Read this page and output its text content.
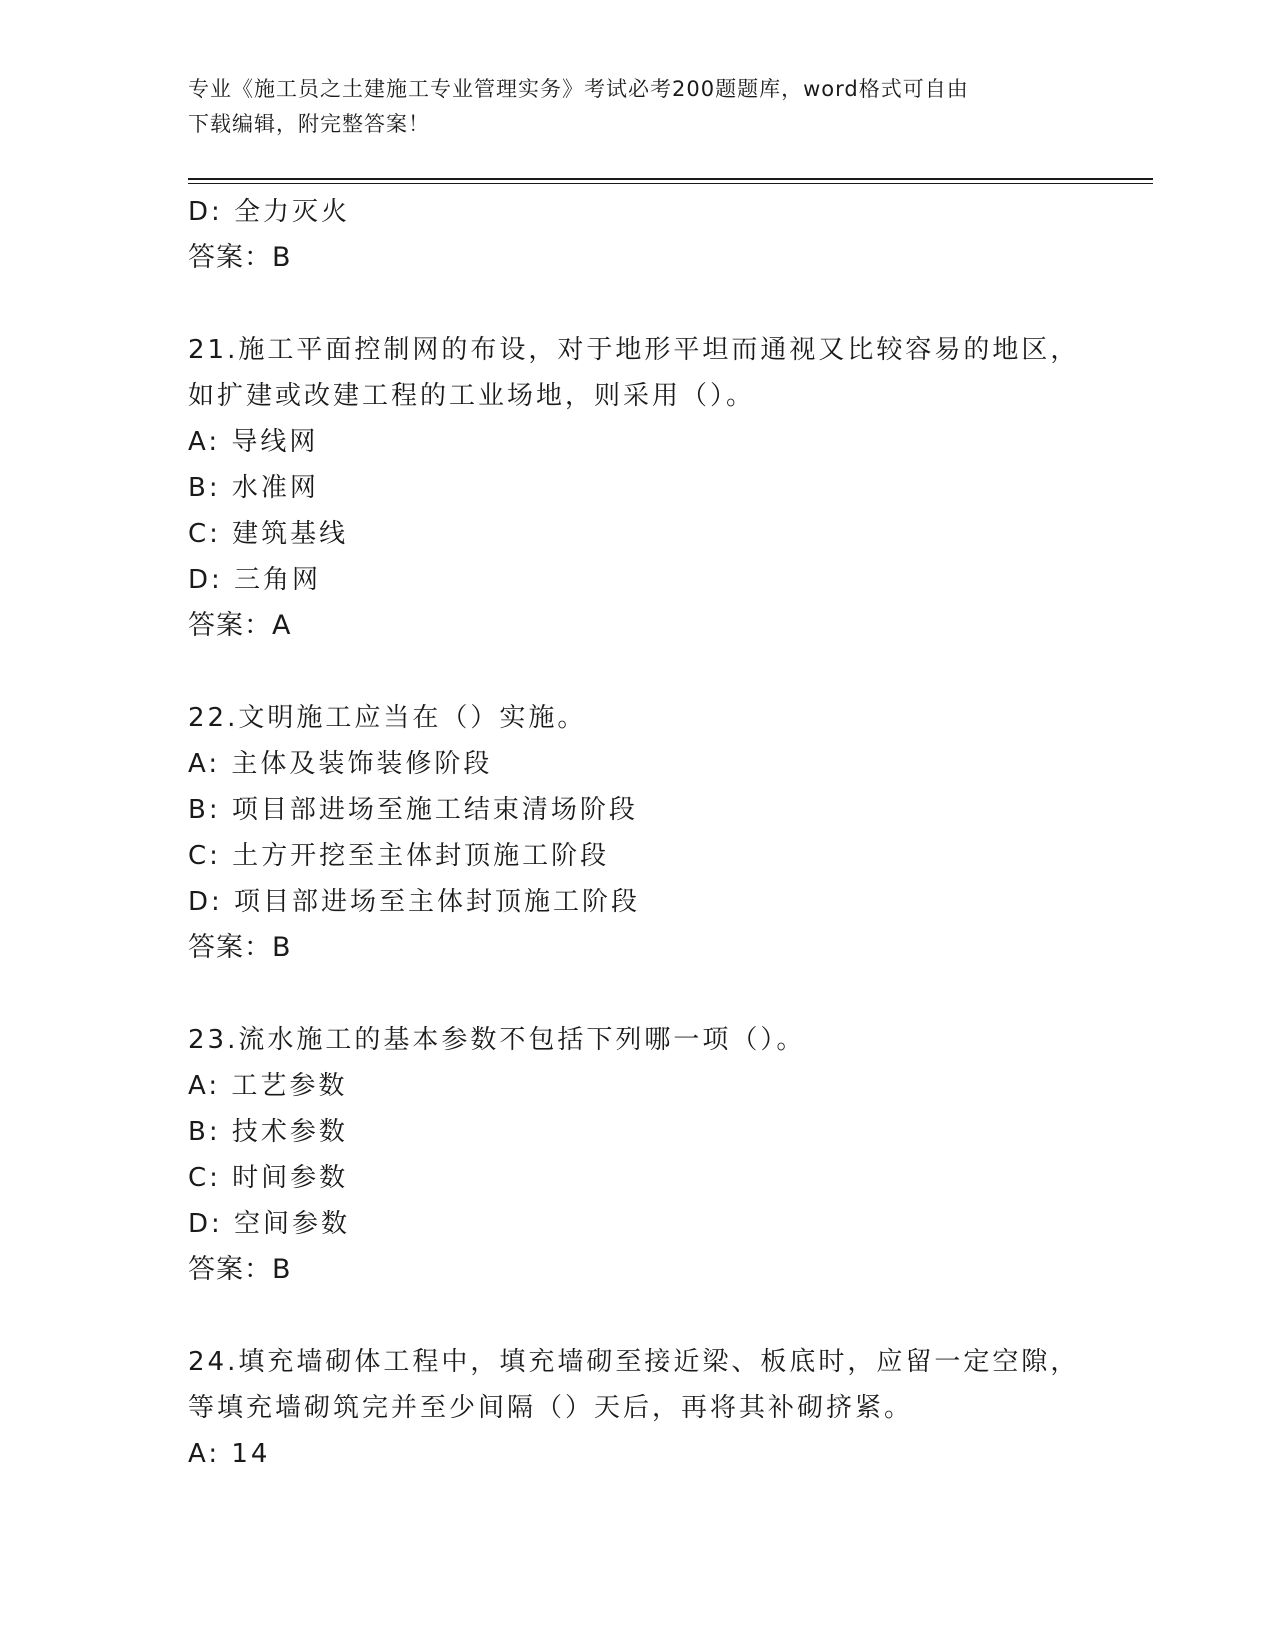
专业《施工员之土建施工专业管理实务》考试必考200题题库，word格式可自由
下载编辑，附完整答案！
D: 全力灭火
答案：B
21.施工平面控制网的布设，对于地形平坦而通视又比较容易的地区，
如扩建或改建工程的工业场地，则采用（）。
A: 导线网
B: 水准网
C: 建筑基线
D: 三角网
答案：A
22.文明施工应当在（）实施。
A: 主体及装饰装修阶段
B: 项目部进场至施工结束清场阶段
C: 土方开挖至主体封顶施工阶段
D: 项目部进场至主体封顶施工阶段
答案：B
23.流水施工的基本参数不包括下列哪一项（）。
A: 工艺参数
B: 技术参数
C: 时间参数
D: 空间参数
答案：B
24.填充墙砌体工程中，填充墙砌至接近梁、板底时，应留一定空隙，
等填充墙砌筑完并至少间隔（）天后，再将其补砌挤紧。
A: 14
